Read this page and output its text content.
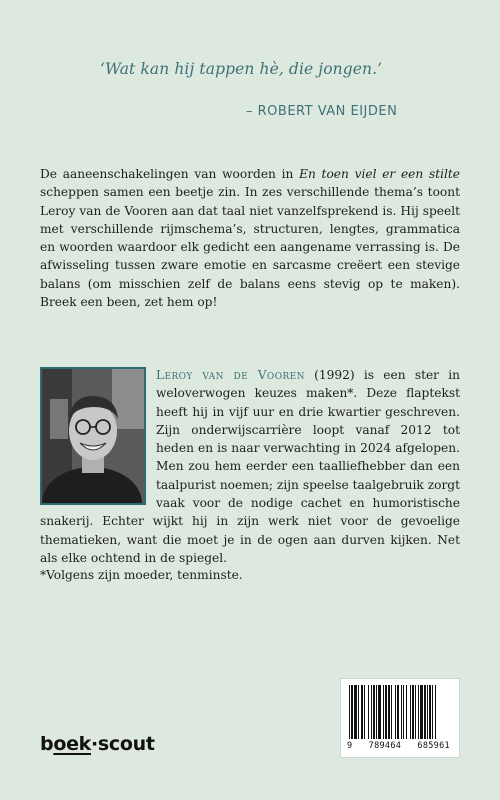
‘Wat kan hij tappen hè, die jongen.’
– ROBERT VAN EIJDEN

De aaneenschakelingen van woorden in En toen viel er een stilte scheppen samen een beetje zin. In zes verschillende thema’s toont Leroy van de Vooren aan dat taal niet vanzelfsprekend is. Hij speelt met verschillende rijmschema’s, structuren, lengtes, grammatica en woorden waardoor elk gedicht een aangename verrassing is. De afwisseling tussen zware emotie en sarcasme creëert een stevige balans (om misschien zelf de balans eens stevig op te maken). Breek een been, zet hem op!

Leroy van de Vooren (1992) is een ster in weloverwogen keuzes maken*. Deze flaptekst heeft hij in vijf uur en drie kwartier geschreven. Zijn onderwijscarrière loopt vanaf 2012 tot heden en is naar verwachting in 2024 afgelopen. Men zou hem eerder een taalliefhebber dan een taalpurist noemen; zijn speelse taalgebruik zorgt vaak voor de nodige cachet en humoristische snakerij. Echter wijkt hij in zijn werk niet voor de gevoelige thematieken, want die moet je in de ogen aan durven kijken. Net als elke ochtend in de spiegel.
*Volgens zijn moeder, tenminste.
boek·scout	9   789464   685961
